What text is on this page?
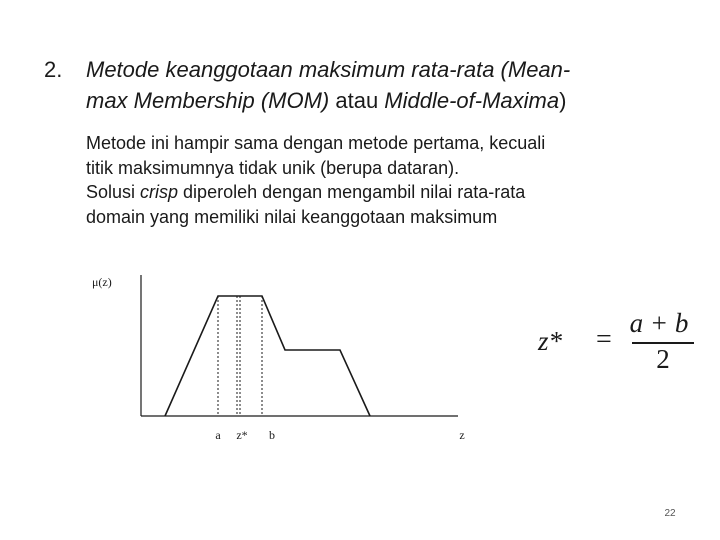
2. Metode keanggotaan maksimum rata-rata (Mean-
max Membership (MOM) atau Middle-of-Maxima)

Metode ini hampir sama dengan metode pertama, kecuali

titik maksimumnya tidak unik (berupa dataran).

Solusi crisp diperoleh dengan mengambil nilai rata-rata

domain yang memiliki nilai keanggotaan maksimum

μ(z)
a z* b	z
z* =
a + b
2
22
